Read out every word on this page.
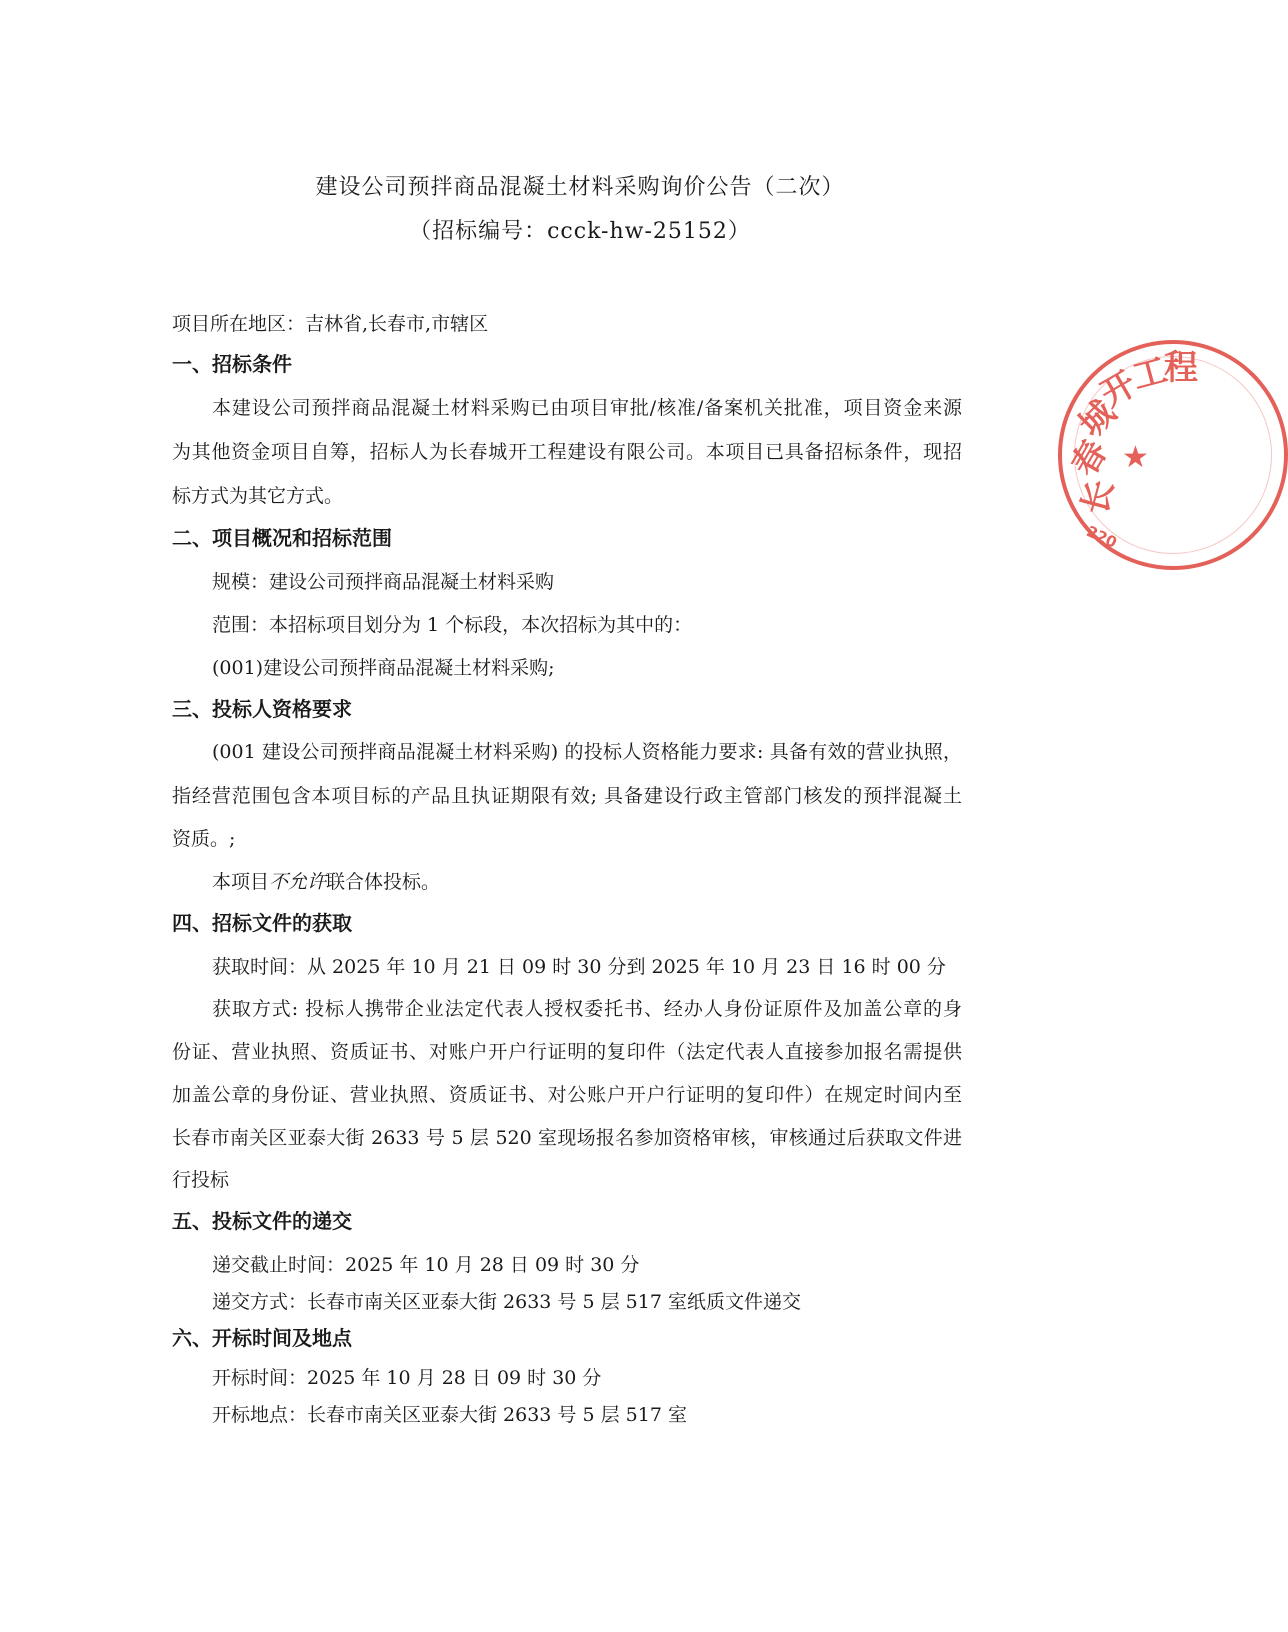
建设公司预拌商品混凝土材料采购询价公告（二次）
（招标编号：ccck-hw-25152）
项目所在地区：吉林省,长春市,市辖区
一、招标条件
本建设公司预拌商品混凝土材料采购已由项目审批/核准/备案机关批准，项目资金来源
为其他资金项目自筹，招标人为长春城开工程建设有限公司。本项目已具备招标条件，现招
标方式为其它方式。
二、项目概况和招标范围
规模：建设公司预拌商品混凝土材料采购
范围：本招标项目划分为 1 个标段，本次招标为其中的：
(001)建设公司预拌商品混凝土材料采购;
三、投标人资格要求
(001 建设公司预拌商品混凝土材料采购) 的投标人资格能力要求: 具备有效的营业执照，
指经营范围包含本项目标的产品且执证期限有效; 具备建设行政主管部门核发的预拌混凝土
资质。;
本项目不允许联合体投标。
四、招标文件的获取
获取时间：从 2025 年 10 月 21 日 09 时 30 分到 2025 年 10 月 23 日 16 时 00 分
获取方式: 投标人携带企业法定代表人授权委托书、经办人身份证原件及加盖公章的身
份证、营业执照、资质证书、对账户开户行证明的复印件（法定代表人直接参加报名需提供
加盖公章的身份证、营业执照、资质证书、对公账户开户行证明的复印件）在规定时间内至
长春市南关区亚泰大街 2633 号 5 层 520 室现场报名参加资格审核，审核通过后获取文件进
行投标
五、投标文件的递交
递交截止时间：2025 年 10 月 28 日 09 时 30 分
递交方式：长春市南关区亚泰大街 2633 号 5 层 517 室纸质文件递交
六、开标时间及地点
开标时间：2025 年 10 月 28 日 09 时 30 分
开标地点：长春市南关区亚泰大街 2633 号 5 层 517 室
长
春
城
开
工
程
★
220
